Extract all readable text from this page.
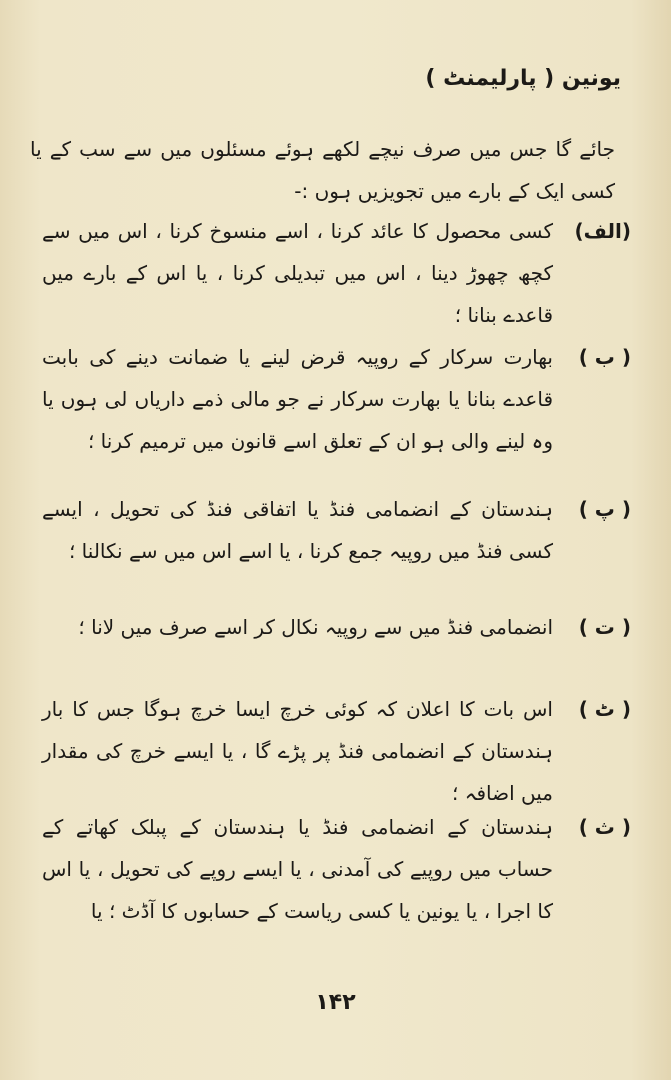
یونین ( پارلیمنٹ )
جائے گا جس میں صرف نیچے لکھے ہوئے مسئلوں میں سے سب کے یا کسی ایک کے بارے میں تجویزیں ہوں :-
(الف)
کسی محصول کا عائد کرنا ، اسے منسوخ کرنا ، اس میں سے کچھ چھوڑ دینا ، اس میں تبدیلی کرنا ، یا اس کے بارے میں قاعدے بنانا ؛
( ب )
بھارت سرکار کے روپیہ قرض لینے یا ضمانت دینے کی بابت قاعدے بنانا یا بھارت سرکار نے جو مالی ذمے داریاں لی ہوں یا وہ لینے والی ہو ان کے تعلق اسے قانون میں ترمیم کرنا ؛
( پ )
ہندستان کے انضمامی فنڈ یا اتفاقی فنڈ کی تحویل ، ایسے کسی فنڈ میں روپیہ جمع کرنا ، یا اسے اس میں سے نکالنا ؛
( ت )
انضمامی فنڈ میں سے روپیہ نکال کر اسے صرف میں لانا ؛
( ٹ )
اس بات کا اعلان کہ کوئی خرچ ایسا خرچ ہوگا جس کا بار ہندستان کے انضمامی فنڈ پر پڑے گا ، یا ایسے خرچ کی مقدار میں اضافہ ؛
( ث )
ہندستان کے انضمامی فنڈ یا ہندستان کے پبلک کھاتے کے حساب میں روپیے کی آمدنی ، یا ایسے روپے کی تحویل ، یا اس کا اجرا ، یا یونین یا کسی ریاست کے حسابوں کا آڈٹ ؛ یا
۱۴۲
